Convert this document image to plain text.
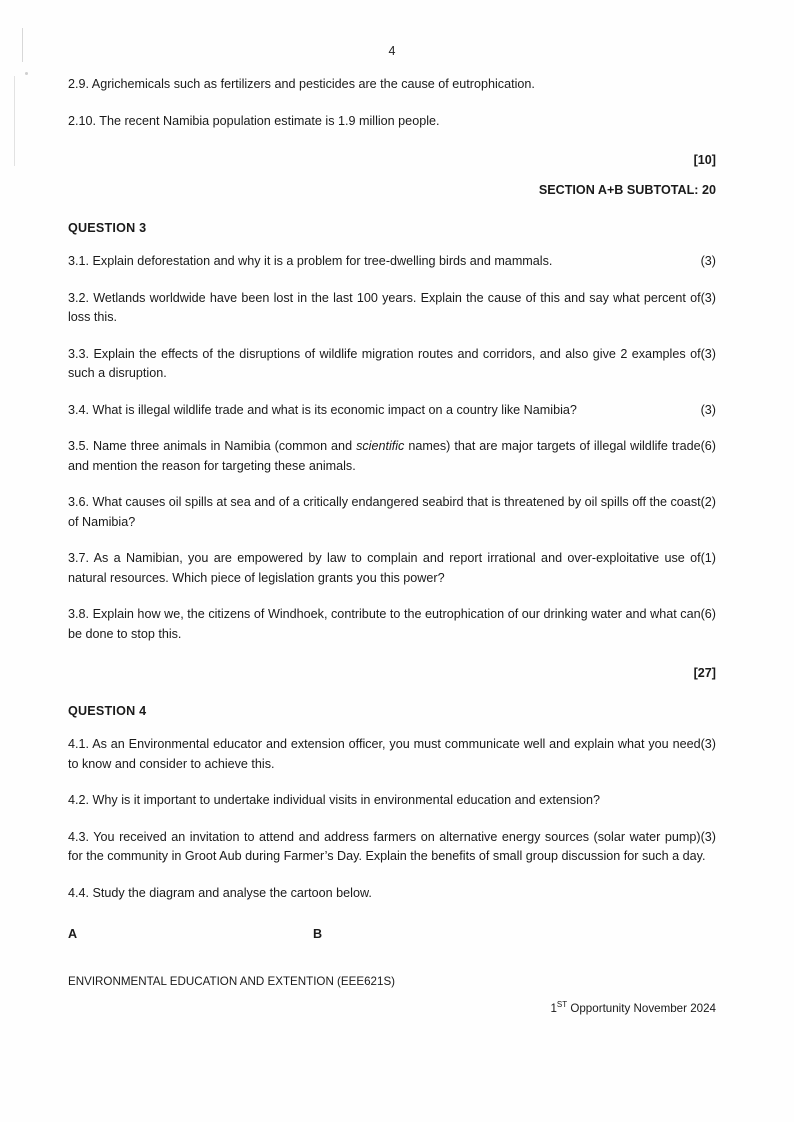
4
2.9. Agrichemicals such as fertilizers and pesticides are the cause of eutrophication.
2.10. The recent Namibia population estimate is 1.9 million people.
[10]
SECTION A+B SUBTOTAL: 20
QUESTION 3
(3)
3.1. Explain deforestation and why it is a problem for tree-dwelling birds and mammals.
(3)
3.2. Wetlands worldwide have been lost in the last 100 years. Explain the cause of this and say what percent of loss this.
(3)
3.3. Explain the effects of the disruptions of wildlife migration routes and corridors, and also give 2 examples of such a disruption.
(3)
3.4. What is illegal wildlife trade and what is its economic impact on a country like Namibia?
(6)
3.5. Name three animals in Namibia (common and scientific names) that are major targets of illegal wildlife trade and mention the reason for targeting these animals.
(2)
3.6. What causes oil spills at sea and of a critically endangered seabird that is threatened by oil spills off the coast of Namibia?
(1)
3.7. As a Namibian, you are empowered by law to complain and report irrational and over-exploitative use of natural resources. Which piece of legislation grants you this power?
(6)
3.8. Explain how we, the citizens of Windhoek, contribute to the eutrophication of our drinking water and what can be done to stop this.
[27]
QUESTION 4
(3)
4.1. As an Environmental educator and extension officer, you must communicate well and explain what you need to know and consider to achieve this.
4.2. Why is it important to undertake individual visits in environmental education and extension?
(3)
4.3. You received an invitation to attend and address farmers on alternative energy sources (solar water pump) for the community in Groot Aub during Farmer’s Day. Explain the benefits of small group discussion for such a day.
4.4. Study the diagram and analyse the cartoon below.
A	B
ENVIRONMENTAL EDUCATION AND EXTENTION (EEE621S)
1ST Opportunity November 2024
